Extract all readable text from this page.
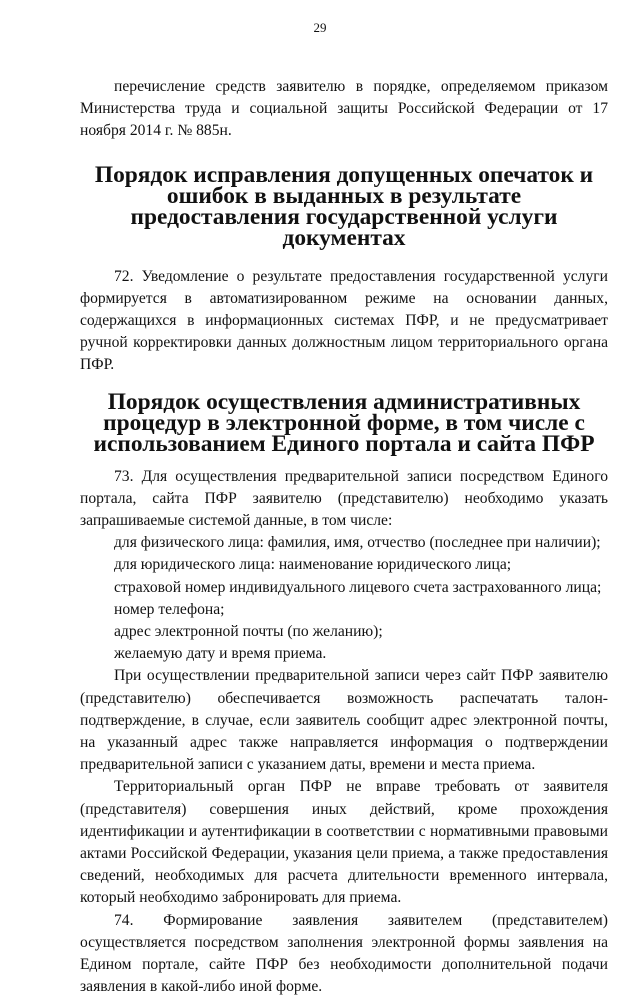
29

перечисление средств заявителю в порядке, определяемом приказом Министерства труда и социальной защиты Российской Федерации от 17 ноября 2014 г. № 885н.

Порядок исправления допущенных опечаток и ошибок в выданных в результате предоставления государственной услуги документах

72. Уведомление о результате предоставления государственной услуги формируется в автоматизированном режиме на основании данных, содержащихся в информационных системах ПФР, и не предусматривает ручной корректировки данных должностным лицом территориального органа ПФР.

Порядок осуществления административных процедур в электронной форме, в том числе с использованием Единого портала и сайта ПФР

73. Для осуществления предварительной записи посредством Единого портала, сайта ПФР заявителю (представителю) необходимо указать запрашиваемые системой данные, в том числе:

для физического лица: фамилия, имя, отчество (последнее при наличии);

для юридического лица: наименование юридического лица;

страховой номер индивидуального лицевого счета застрахованного лица;

номер телефона;

адрес электронной почты (по желанию);

желаемую дату и время приема.

При осуществлении предварительной записи через сайт ПФР заявителю (представителю) обеспечивается возможность распечатать талон-подтверждение, в случае, если заявитель сообщит адрес электронной почты, на указанный адрес также направляется информация о подтверждении предварительной записи с указанием даты, времени и места приема.

Территориальный орган ПФР не вправе требовать от заявителя (представителя) совершения иных действий, кроме прохождения идентификации и аутентификации в соответствии с нормативными правовыми актами Российской Федерации, указания цели приема, а также предоставления сведений, необходимых для расчета длительности временного интервала, который необходимо забронировать для приема.

74. Формирование заявления заявителем (представителем) осуществляется посредством заполнения электронной формы заявления на Едином портале, сайте ПФР без необходимости дополнительной подачи заявления в какой-либо иной форме.
